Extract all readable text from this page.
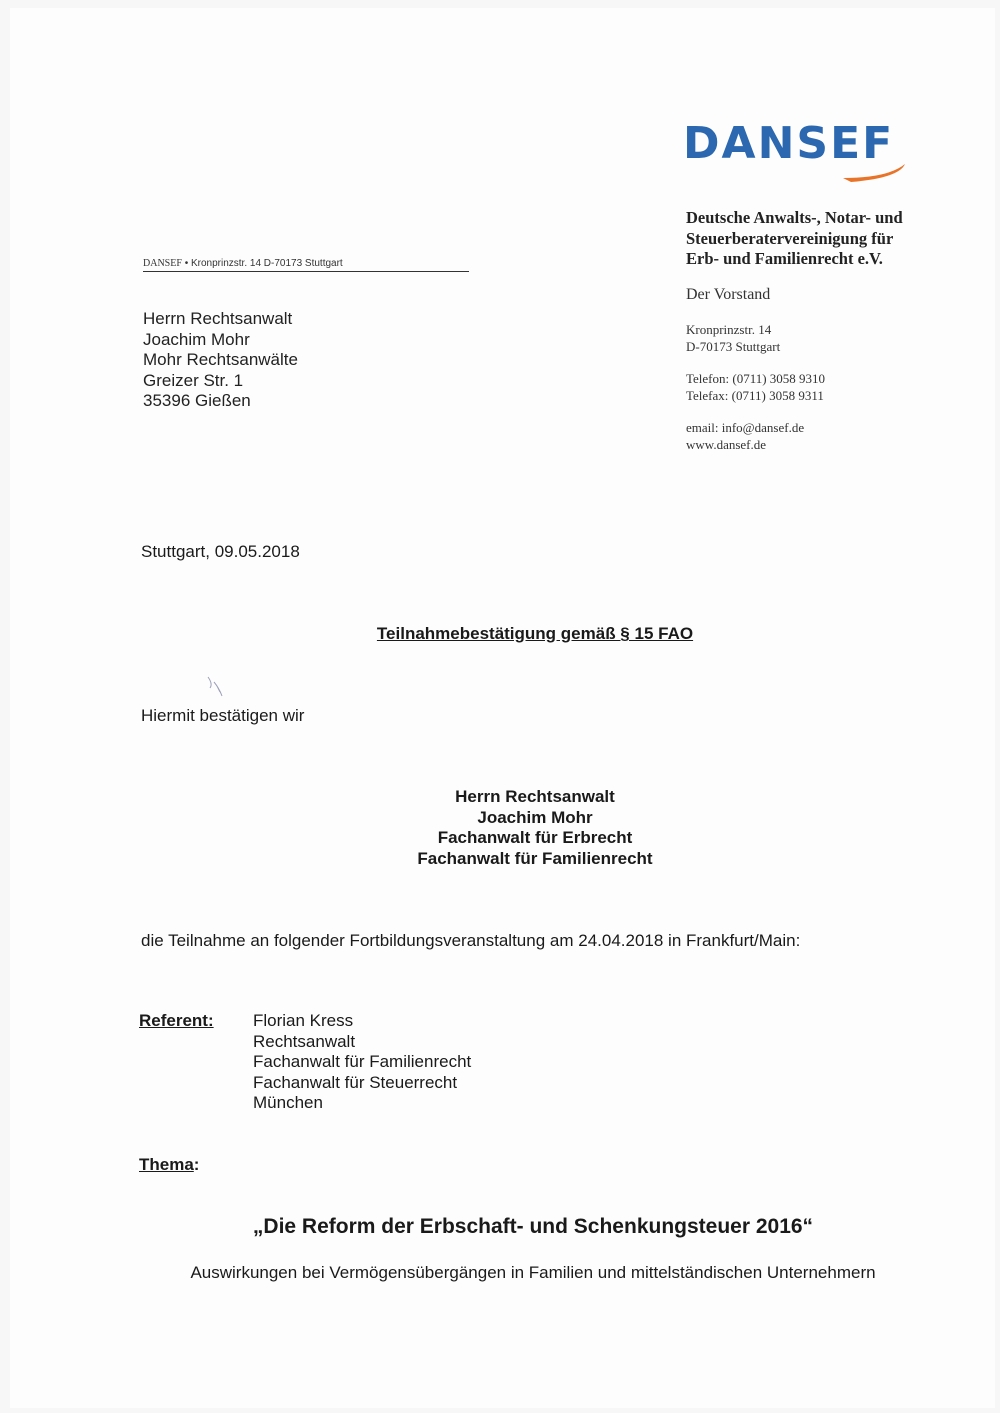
DANSEF
Deutsche Anwalts-, Notar- und
Steuerberatervereinigung für
Erb- und Familienrecht e.V.
Der Vorstand
Kronprinzstr. 14
D-70173 Stuttgart
Telefon: (0711) 3058 9310
Telefax: (0711) 3058 9311
email: info@dansef.de
www.dansef.de
DANSEF • Kronprinzstr. 14 D-70173 Stuttgart
Herrn Rechtsanwalt
Joachim Mohr
Mohr Rechtsanwälte
Greizer Str. 1
35396 Gießen
Stuttgart, 09.05.2018
Teilnahmebestätigung gemäß § 15 FAO
Hiermit bestätigen wir
Herrn Rechtsanwalt
Joachim Mohr
Fachanwalt für Erbrecht
Fachanwalt für Familienrecht
die Teilnahme an folgender Fortbildungsveranstaltung am 24.04.2018 in Frankfurt/Main:
Referent: Florian Kress
Rechtsanwalt
Fachanwalt für Familienrecht
Fachanwalt für Steuerrecht
München
Thema:
„Die Reform der Erbschaft- und Schenkungsteuer 2016“
Auswirkungen bei Vermögensübergängen in Familien und mittelständischen Unternehmern
